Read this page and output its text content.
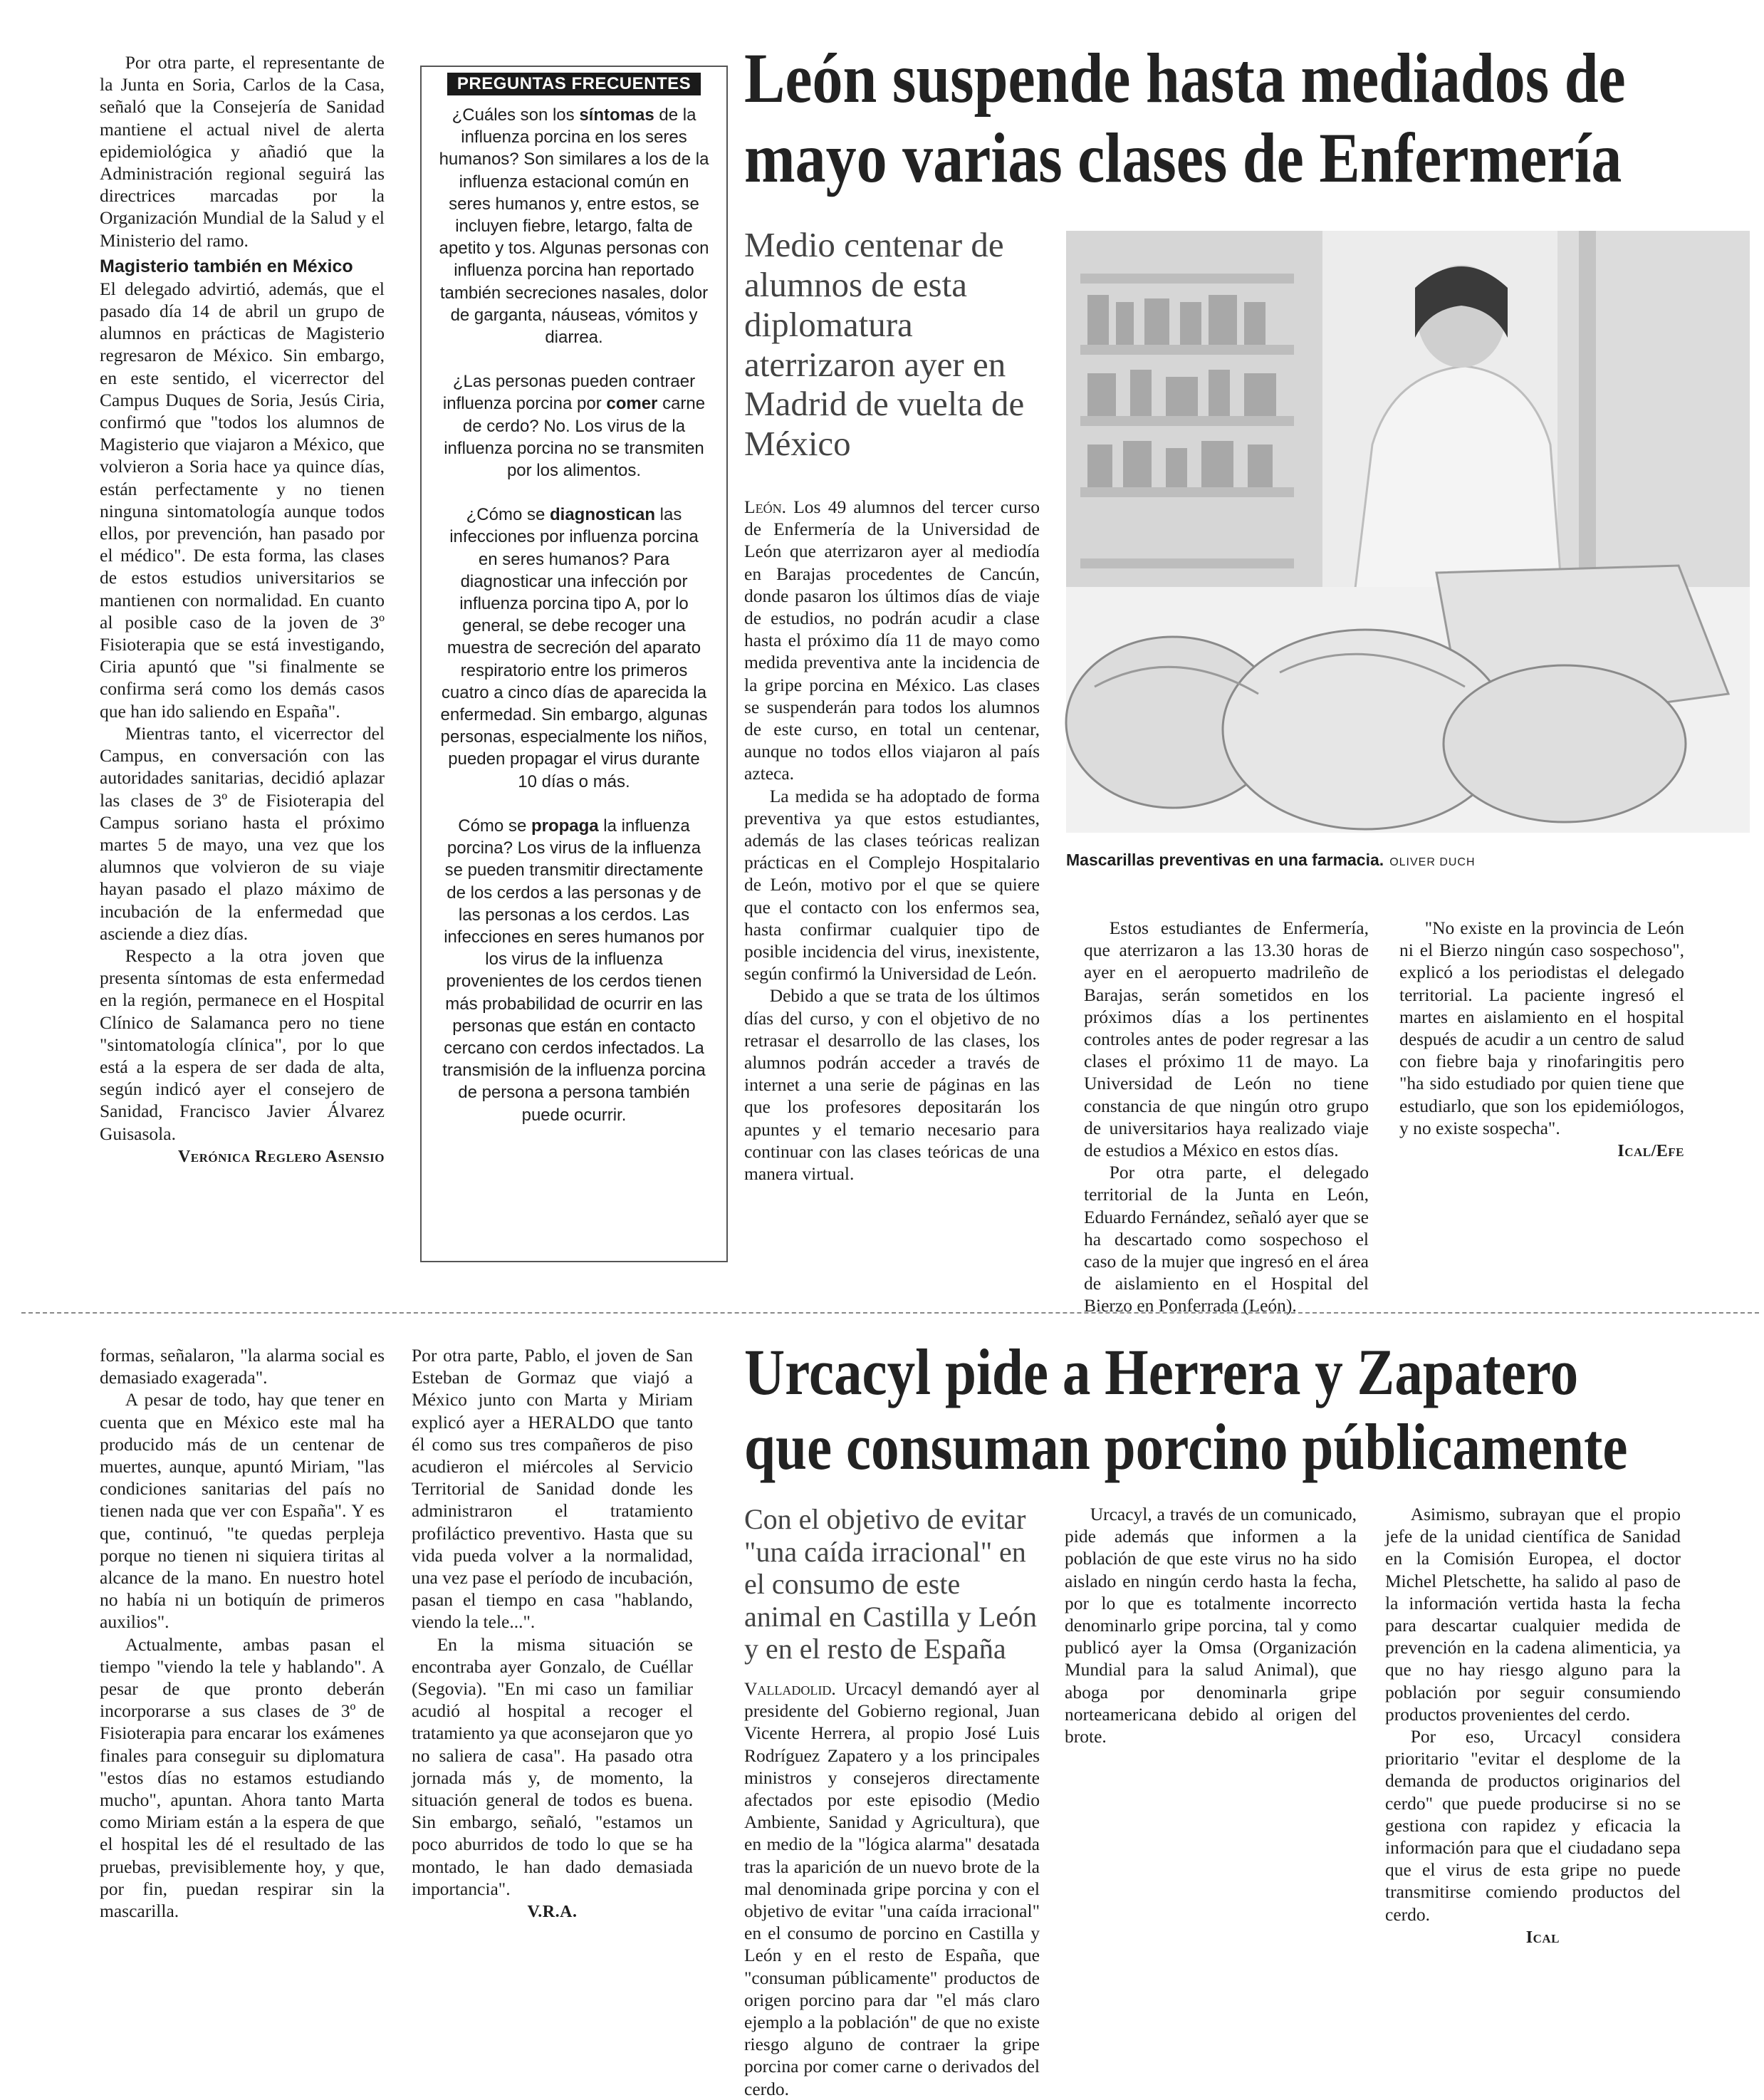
Por otra parte, el representante de la Junta en Soria, Carlos de la Casa, señaló que la Consejería de Sanidad mantiene el actual nivel de alerta epidemiológica y añadió que la Administración regional seguirá las directrices marcadas por la Organización Mundial de la Salud y el Ministerio del ramo.

Magisterio también en México

El delegado advirtió, además, que el pasado día 14 de abril un grupo de alumnos en prácticas de Magisterio regresaron de México. Sin embargo, en este sentido, el vicerrector del Campus Duques de Soria, Jesús Ciria, confirmó que "todos los alumnos de Magisterio que viajaron a México, que volvieron a Soria hace ya quince días, están perfectamente y no tienen ninguna sintomatología aunque todos ellos, por prevención, han pasado por el médico". De esta forma, las clases de estos estudios universitarios se mantienen con normalidad. En cuanto al posible caso de la joven de 3º Fisioterapia que se está investigando, Ciria apuntó que "si finalmente se confirma será como los demás casos que han ido saliendo en España".

Mientras tanto, el vicerrector del Campus, en conversación con las autoridades sanitarias, decidió aplazar las clases de 3º de Fisioterapia del Campus soriano hasta el próximo martes 5 de mayo, una vez que los alumnos que volvieron de su viaje hayan pasado el plazo máximo de incubación de la enfermedad que asciende a diez días.

Respecto a la otra joven que presenta síntomas de esta enfermedad en la región, permanece en el Hospital Clínico de Salamanca pero no tiene "sintomatología clínica", por lo que está a la espera de ser dada de alta, según indicó ayer el consejero de Sanidad, Francisco Javier Álvarez Guisasola.

Verónica Reglero Asensio
PREGUNTAS FRECUENTES

¿Cuáles son los síntomas de la influenza porcina en los seres humanos? Son similares a los de la influenza estacional común en seres humanos y, entre estos, se incluyen fiebre, letargo, falta de apetito y tos. Algunas personas con influenza porcina han reportado también secreciones nasales, dolor de garganta, náuseas, vómitos y diarrea.

¿Las personas pueden contraer influenza porcina por comer carne de cerdo? No. Los virus de la influenza porcina no se transmiten por los alimentos.

¿Cómo se diagnostican las infecciones por influenza porcina en seres humanos? Para diagnosticar una infección por influenza porcina tipo A, por lo general, se debe recoger una muestra de secreción del aparato respiratorio entre los primeros cuatro a cinco días de aparecida la enfermedad. Sin embargo, algunas personas, especialmente los niños, pueden propagar el virus durante 10 días o más.

Cómo se propaga la influenza porcina? Los virus de la influenza se pueden transmitir directamente de los cerdos a las personas y de las personas a los cerdos. Las infecciones en seres humanos por los virus de la influenza provenientes de los cerdos tienen más probabilidad de ocurrir en las personas que están en contacto cercano con cerdos infectados. La transmisión de la influenza porcina de persona a persona también puede ocurrir.

León suspende hasta mediados de
mayo varias clases de Enfermería
Medio centenar de alumnos de esta diplomatura aterrizaron ayer en Madrid de vuelta de México
Mascarillas preventivas en una farmacia. OLIVER DUCH

León. Los 49 alumnos del tercer curso de Enfermería de la Universidad de León que aterrizaron ayer al mediodía en Barajas procedentes de Cancún, donde pasaron los últimos días de viaje de estudios, no podrán acudir a clase hasta el próximo día 11 de mayo como medida preventiva ante la incidencia de la gripe porcina en México. Las clases se suspenderán para todos los alumnos de este curso, en total un centenar, aunque no todos ellos viajaron al país azteca.

La medida se ha adoptado de forma preventiva ya que estos estudiantes, además de las clases teóricas realizan prácticas en el Complejo Hospitalario de León, motivo por el que se quiere que el contacto con los enfermos sea, hasta confirmar cualquier tipo de posible incidencia del virus, inexistente, según confirmó la Universidad de León.

Debido a que se trata de los últimos días del curso, y con el objetivo de no retrasar el desarrollo de las clases, los alumnos podrán acceder a través de internet a una serie de páginas en las que los profesores depositarán los apuntes y el temario necesario para continuar con las clases teóricas de una manera virtual.

Estos estudiantes de Enfermería, que aterrizaron a las 13.30 horas de ayer en el aeropuerto madrileño de Barajas, serán sometidos en los próximos días a los pertinentes controles antes de poder regresar a las clases el próximo 11 de mayo. La Universidad de León no tiene constancia de que ningún otro grupo de universitarios haya realizado viaje de estudios a México en estos días.

Por otra parte, el delegado territorial de la Junta en León, Eduardo Fernández, señaló ayer que se ha descartado como sospechoso el caso de la mujer que ingresó en el área de aislamiento en el Hospital del Bierzo en Ponferrada (León).

"No existe en la provincia de León ni el Bierzo ningún caso sospechoso", explicó a los periodistas el delegado territorial. La paciente ingresó el martes en aislamiento en el hospital después de acudir a un centro de salud con fiebre baja y rinofaringitis pero "ha sido estudiado por quien tiene que estudiarlo, que son los epidemiólogos, y no existe sospecha".

Ical/Efe

formas, señalaron, "la alarma social es demasiado exagerada".

A pesar de todo, hay que tener en cuenta que en México este mal ha producido más de un centenar de muertes, aunque, apuntó Miriam, "las condiciones sanitarias del país no tienen nada que ver con España". Y es que, continuó, "te quedas perpleja porque no tienen ni siquiera tiritas al alcance de la mano. En nuestro hotel no había ni un botiquín de primeros auxilios".

Actualmente, ambas pasan el tiempo "viendo la tele y hablando". A pesar de que pronto deberán incorporarse a sus clases de 3º de Fisioterapia para encarar los exámenes finales para conseguir su diplomatura "estos días no estamos estudiando mucho", apuntan. Ahora tanto Marta como Miriam están a la espera de que el hospital les dé el resultado de las pruebas, previsiblemente hoy, y que, por fin, puedan respirar sin la mascarilla.

Por otra parte, Pablo, el joven de San Esteban de Gormaz que viajó a México junto con Marta y Miriam explicó ayer a HERALDO que tanto él como sus tres compañeros de piso acudieron el miércoles al Servicio Territorial de Sanidad donde les administraron el tratamiento profiláctico preventivo. Hasta que su vida pueda volver a la normalidad, una vez pase el período de incubación, pasan el tiempo en casa "hablando, viendo la tele...".

En la misma situación se encontraba ayer Gonzalo, de Cuéllar (Segovia). "En mi caso un familiar acudió al hospital a recoger el tratamiento ya que aconsejaron que yo no saliera de casa". Ha pasado otra jornada más y, de momento, la situación general de todos es buena. Sin embargo, señaló, "estamos un poco aburridos de todo lo que se ha montado, le han dado demasiada importancia".

V.R.A.
Urcacyl pide a Herrera y Zapatero
que consuman porcino públicamente
Con el objetivo de evitar "una caída irracional" en el consumo de este animal en Castilla y León y en el resto de España

Valladolid. Urcacyl demandó ayer al presidente del Gobierno regional, Juan Vicente Herrera, al propio José Luis Rodríguez Zapatero y a los principales ministros y consejeros directamente afectados por este episodio (Medio Ambiente, Sanidad y Agricultura), que en medio de la "lógica alarma" desatada tras la aparición de un nuevo brote de la mal denominada gripe porcina y con el objetivo de evitar "una caída irracional" en el consumo de porcino en Castilla y León y en el resto de España, que "consuman públicamente" productos de origen porcino para dar "el más claro ejemplo a la población" de que no existe riesgo alguno de contraer la gripe porcina por comer carne o derivados del cerdo.

Urcacyl, a través de un comunicado, pide además que informen a la población de que este virus no ha sido aislado en ningún cerdo hasta la fecha, por lo que es totalmente incorrecto denominarlo gripe porcina, tal y como publicó ayer la Omsa (Organización Mundial para la salud Animal), que aboga por denominarla gripe norteamericana debido al origen del brote.

Asimismo, subrayan que el propio jefe de la unidad científica de Sanidad en la Comisión Europea, el doctor Michel Pletschette, ha salido al paso de la información vertida hasta la fecha para descartar cualquier medida de prevención en la cadena alimenticia, ya que no hay riesgo alguno para la población por seguir consumiendo productos provenientes del cerdo.

Por eso, Urcacyl considera prioritario "evitar el desplome de la demanda de productos originarios del cerdo" que puede producirse si no se gestiona con rapidez y eficacia la información para que el ciudadano sepa que el virus de esta gripe no puede transmitirse comiendo productos del cerdo.

Ical
